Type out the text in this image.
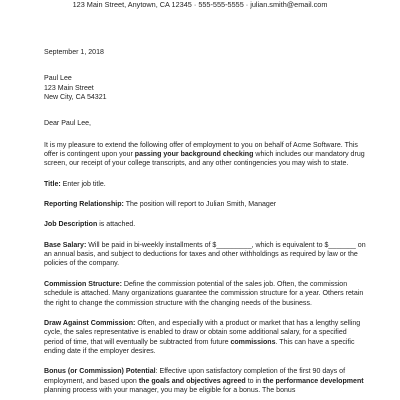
123 Main Street, Anytown, CA 12345 · 555-555-5555 · julian.smith@email.com

September 1, 2018

Paul Lee

123 Main Street

New City, CA 54321

Dear Paul Lee,

It is my pleasure to extend the following offer of employment to you on behalf of Acme Software. This offer is contingent upon your passing your background checking which includes our mandatory drug screen, our receipt of your college transcripts, and any other contingencies you may wish to state.

Title: Enter job title.

Reporting Relationship: The position will report to Julian Smith, Manager

Job Description is attached.

Base Salary: Will be paid in bi-weekly installments of $_________, which is equivalent to $_______ on an annual basis, and subject to deductions for taxes and other withholdings as required by law or the policies of the company.

Commission Structure: Define the commission potential of the sales job. Often, the commission schedule is attached. Many organizations guarantee the commission structure for a year. Others retain the right to change the commission structure with the changing needs of the business.

Draw Against Commission: Often, and especially with a product or market that has a lengthy selling cycle, the sales representative is enabled to draw or obtain some additional salary, for a specified period of time, that will eventually be subtracted from future commissions. This can have a specific ending date if the employer desires.

Bonus (or Commission) Potential: Effective upon satisfactory completion of the first 90 days of employment, and based upon the goals and objectives agreed to in the performance development planning process with your manager, you may be eligible for a bonus. The bonus
